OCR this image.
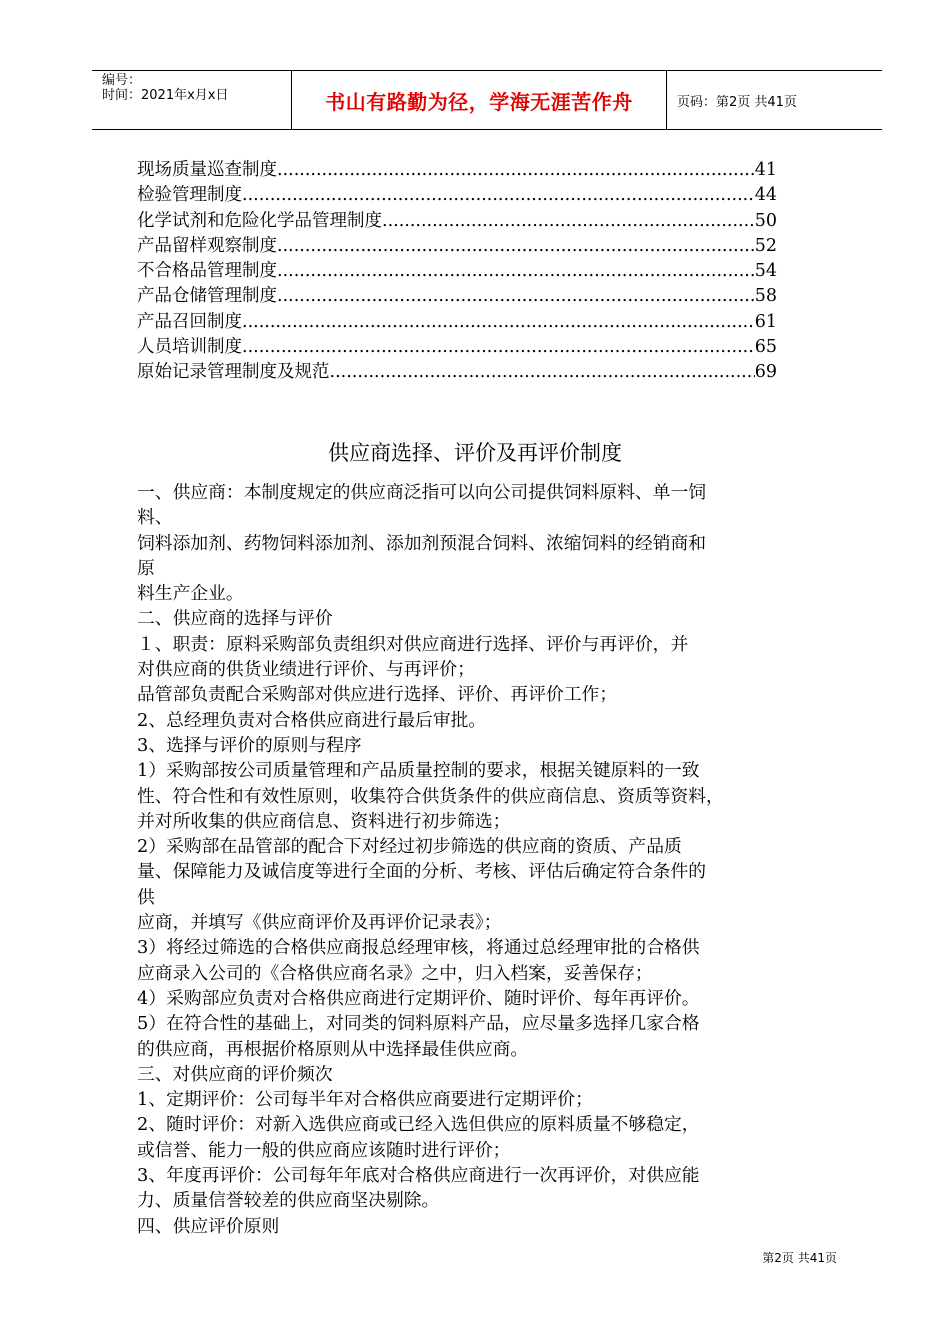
编号：
时间：2021年x月x日	书山有路勤为径，学海无涯苦作舟	页码：第2页 共41页
现场质量巡查制度 .....	41
检验管理制度 .....	44
化学试剂和危险化学品管理制度 .....	50
产品留样观察制度 .....	52
不合格品管理制度 .....	54
产品仓储管理制度 .....	58
产品召回制度 .....	61
人员培训制度 .....	65
原始记录管理制度及规范 .....	69
供应商选择、评价及再评价制度

一、供应商：本制度规定的供应商泛指可以向公司提供饲料原料、单一饲

料、

饲料添加剂、药物饲料添加剂、添加剂预混合饲料、浓缩饲料的经销商和

原

料生产企业。

二、供应商的选择与评价

１、职责：原料采购部负责组织对供应商进行选择、评价与再评价，并

对供应商的供货业绩进行评价、与再评价；

品管部负责配合采购部对供应进行选择、评价、再评价工作；

2、总经理负责对合格供应商进行最后审批。

3、选择与评价的原则与程序

1）采购部按公司质量管理和产品质量控制的要求，根据关键原料的一致

性、符合性和有效性原则，收集符合供货条件的供应商信息、资质等资料，

并对所收集的供应商信息、资料进行初步筛选；

2）采购部在品管部的配合下对经过初步筛选的供应商的资质、产品质

量、保障能力及诚信度等进行全面的分析、考核、评估后确定符合条件的

供

应商，并填写《供应商评价及再评价记录表》；

3）将经过筛选的合格供应商报总经理审核，将通过总经理审批的合格供

应商录入公司的《合格供应商名录》之中，归入档案，妥善保存；

4）采购部应负责对合格供应商进行定期评价、随时评价、每年再评价。

5）在符合性的基础上，对同类的饲料原料产品，应尽量多选择几家合格

的供应商，再根据价格原则从中选择最佳供应商。

三、对供应商的评价频次

1、定期评价：公司每半年对合格供应商要进行定期评价；

2、随时评价：对新入选供应商或已经入选但供应的原料质量不够稳定，

或信誉、能力一般的供应商应该随时进行评价；

3、年度再评价：公司每年年底对合格供应商进行一次再评价，对供应能

力、质量信誉较差的供应商坚决剔除。

四、供应评价原则

第2页 共41页
